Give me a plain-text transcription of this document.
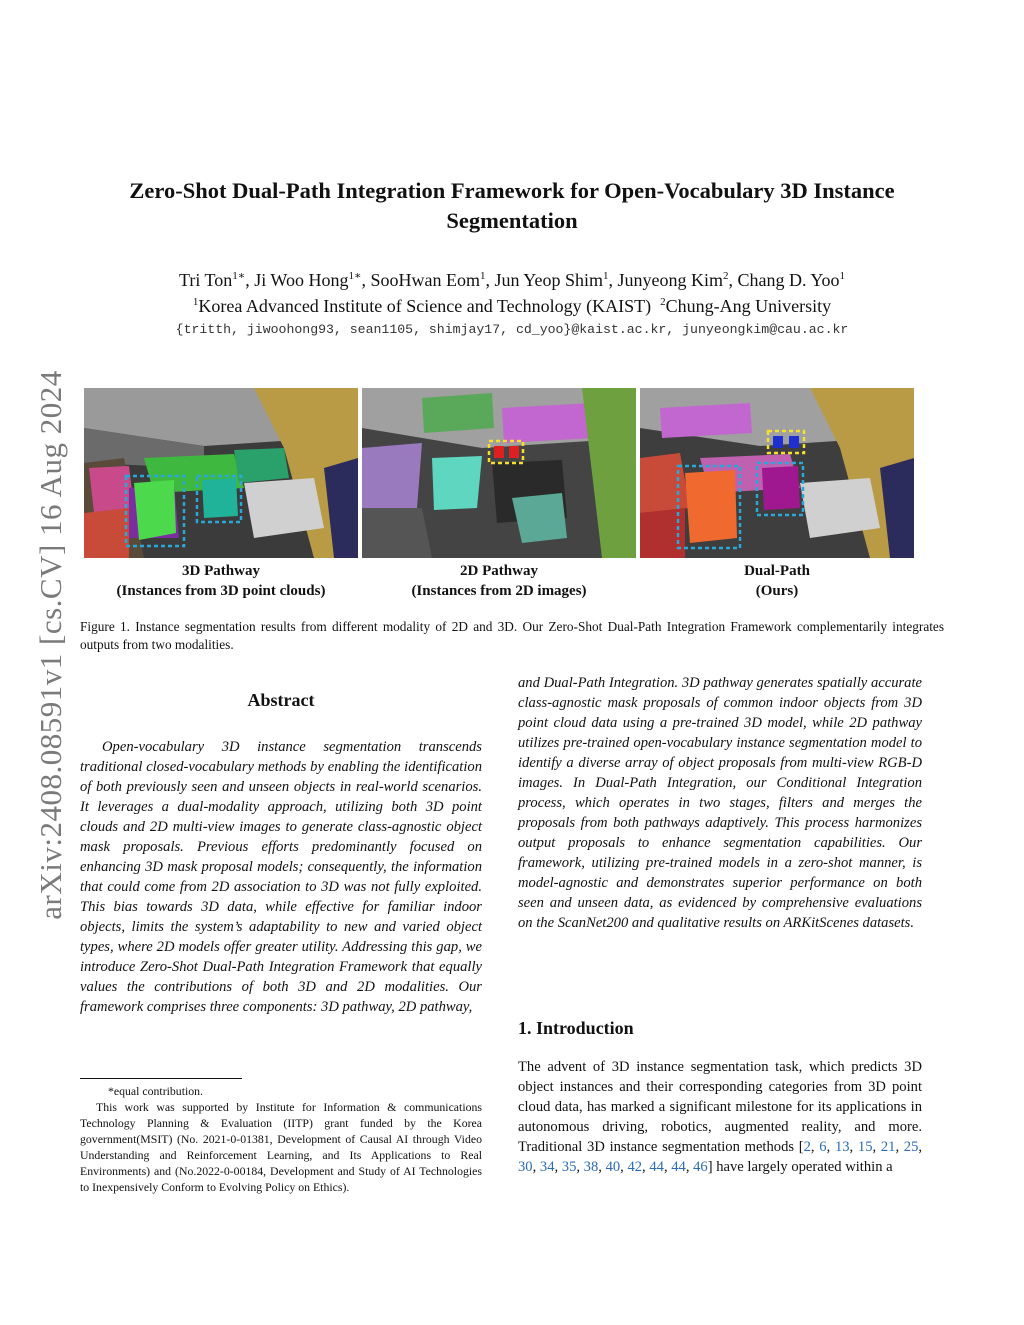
arXiv:2408.08591v1 [cs.CV] 16 Aug 2024
Zero-Shot Dual-Path Integration Framework for Open-Vocabulary 3D Instance
Segmentation
Tri Ton$^{1∗}$, Ji Woo Hong$^{1∗}$, SooHwan Eom$^1$, Jun Yeop Shim$^1$, Junyeong Kim$^2$, Chang D. Yoo$^1$
$^1$Korea Advanced Institute of Science and Technology (KAIST) $^2$Chung-Ang University
{tritth, jiwoohong93, sean1105, shimjay17, cd_yoo}@kaist.ac.kr, junyeongkim@cau.ac.kr
3D Pathway
(Instances from 3D point clouds)
2D Pathway
(Instances from 2D images)
Dual-Path
(Ours)
Figure 1. Instance segmentation results from different modality of 2D and 3D. Our Zero-Shot Dual-Path Integration Framework complementarily integrates outputs from two modalities.
Abstract
Open-vocabulary 3D instance segmentation transcends traditional closed-vocabulary methods by enabling the identification of both previously seen and unseen objects in real-world scenarios. It leverages a dual-modality approach, utilizing both 3D point clouds and 2D multi-view images to generate class-agnostic object mask proposals. Previous efforts predominantly focused on enhancing 3D mask proposal models; consequently, the information that could come from 2D association to 3D was not fully exploited. This bias towards 3D data, while effective for familiar indoor objects, limits the system’s adaptability to new and varied object types, where 2D models offer greater utility. Addressing this gap, we introduce Zero-Shot Dual-Path Integration Framework that equally values the contributions of both 3D and 2D modalities. Our framework comprises three components: 3D pathway, 2D pathway,
and Dual-Path Integration. 3D pathway generates spatially accurate class-agnostic mask proposals of common indoor objects from 3D point cloud data using a pre-trained 3D model, while 2D pathway utilizes pre-trained open-vocabulary instance segmentation model to identify a diverse array of object proposals from multi-view RGB-D images. In Dual-Path Integration, our Conditional Integration process, which operates in two stages, filters and merges the proposals from both pathways adaptively. This process harmonizes output proposals to enhance segmentation capabilities. Our framework, utilizing pre-trained models in a zero-shot manner, is model-agnostic and demonstrates superior performance on both seen and unseen data, as evidenced by comprehensive evaluations on the ScanNet200 and qualitative results on ARKitScenes datasets.
1. Introduction
The advent of 3D instance segmentation task, which predicts 3D object instances and their corresponding categories from 3D point cloud data, has marked a significant milestone for its applications in autonomous driving, robotics, augmented reality, and more. Traditional 3D instance segmentation methods [2, 6, 13, 15, 21, 25, 30, 34, 35, 38, 40, 42, 44, 44, 46] have largely operated within a
*equal contribution.
This work was supported by Institute for Information & communications Technology Planning & Evaluation (IITP) grant funded by the Korea government(MSIT) (No. 2021-0-01381, Development of Causal AI through Video Understanding and Reinforcement Learning, and Its Applications to Real Environments) and (No.2022-0-00184, Development and Study of AI Technologies to Inexpensively Conform to Evolving Policy on Ethics).
